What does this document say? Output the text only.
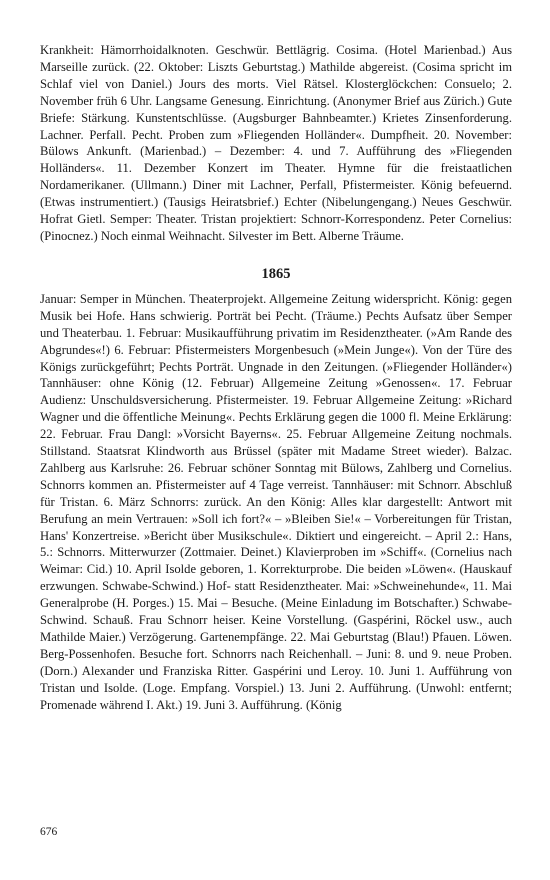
Krankheit: Hämorrhoidalknoten. Geschwür. Bettlägrig. Cosima. (Hotel Marienbad.) Aus Marseille zurück. (22. Oktober: Liszts Geburtstag.) Mathilde abgereist. (Cosima spricht im Schlaf viel von Daniel.) Jours des morts. Viel Rätsel. Klosterglöckchen: Consuelo; 2. November früh 6 Uhr. Langsame Genesung. Einrichtung. (Anonymer Brief aus Zürich.) Gute Briefe: Stärkung. Kunstentschlüsse. (Augsburger Bahnbeamter.) Krietes Zinsenforderung. Lachner. Perfall. Pecht. Proben zum »Fliegenden Holländer«. Dumpfheit. 20. November: Bülows Ankunft. (Marienbad.) – Dezember: 4. und 7. Aufführung des »Fliegenden Holländers«. 11. Dezember Konzert im Theater. Hymne für die freistaatlichen Nordamerikaner. (Ullmann.) Diner mit Lachner, Perfall, Pfistermeister. König befeuernd. (Etwas instrumentiert.) (Tausigs Heiratsbrief.) Echter (Nibelungengang.) Neues Geschwür. Hofrat Gietl. Semper: Theater. Tristan projektiert: Schnorr-Korrespondenz. Peter Cornelius: (Pinocnez.) Noch einmal Weihnacht. Silvester im Bett. Alberne Träume.

1865

Januar: Semper in München. Theaterprojekt. Allgemeine Zeitung widerspricht. König: gegen Musik bei Hofe. Hans schwierig. Porträt bei Pecht. (Träume.) Pechts Aufsatz über Semper und Theaterbau. 1. Februar: Musikaufführung privatim im Residenztheater. (»Am Rande des Abgrundes«!) 6. Februar: Pfistermeisters Morgenbesuch (»Mein Junge«). Von der Türe des Königs zurückgeführt; Pechts Porträt. Ungnade in den Zeitungen. (»Fliegender Holländer«) Tannhäuser: ohne König (12. Februar) Allgemeine Zeitung »Genossen«. 17. Februar Audienz: Unschuldsversicherung. Pfistermeister. 19. Februar Allgemeine Zeitung: »Richard Wagner und die öffentliche Meinung«. Pechts Erklärung gegen die 1000 fl. Meine Erklärung: 22. Februar. Frau Dangl: »Vorsicht Bayerns«. 25. Februar Allgemeine Zeitung nochmals. Stillstand. Staatsrat Klindworth aus Brüssel (später mit Madame Street wieder). Balzac. Zahlberg aus Karlsruhe: 26. Februar schöner Sonntag mit Bülows, Zahlberg und Cornelius. Schnorrs kommen an. Pfistermeister auf 4 Tage verreist. Tannhäuser: mit Schnorr. Abschluß für Tristan. 6. März Schnorrs: zurück. An den König: Alles klar dargestellt: Antwort mit Berufung an mein Vertrauen: »Soll ich fort?« – »Bleiben Sie!« – Vorbereitungen für Tristan, Hans' Konzertreise. »Bericht über Musikschule«. Diktiert und eingereicht. – April 2.: Hans, 5.: Schnorrs. Mitterwurzer (Zottmaier. Deinet.) Klavierproben im »Schiff«. (Cornelius nach Weimar: Cid.) 10. April Isolde geboren, 1. Korrekturprobe. Die beiden »Löwen«. (Hauskauf erzwungen. Schwabe-Schwind.) Hof- statt Residenztheater. Mai: »Schweinehunde«, 11. Mai Generalprobe (H. Porges.) 15. Mai – Besuche. (Meine Einladung im Botschafter.) Schwabe-Schwind. Schauß. Frau Schnorr heiser. Keine Vorstellung. (Gaspérini, Röckel usw., auch Mathilde Maier.) Verzögerung. Gartenempfänge. 22. Mai Geburtstag (Blau!) Pfauen. Löwen. Berg-Possenhofen. Besuche fort. Schnorrs nach Reichenhall. – Juni: 8. und 9. neue Proben. (Dorn.) Alexander und Franziska Ritter. Gaspérini und Leroy. 10. Juni 1. Aufführung von Tristan und Isolde. (Loge. Empfang. Vorspiel.) 13. Juni 2. Aufführung. (Unwohl: entfernt; Promenade während I. Akt.) 19. Juni 3. Aufführung. (König

676
